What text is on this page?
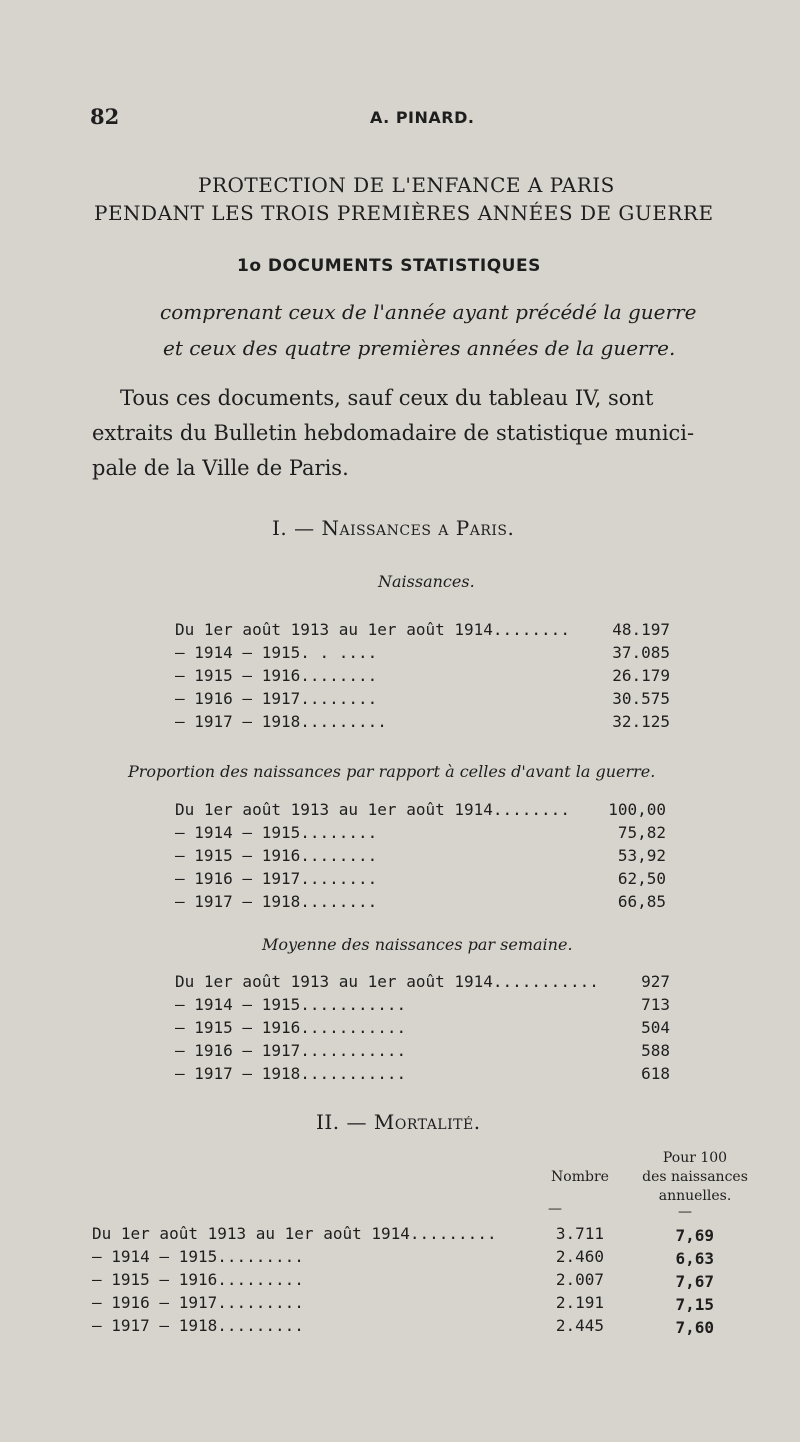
82	A. PINARD.
PROTECTION DE L'ENFANCE A PARIS
PENDANT LES TROIS PREMIÈRES ANNÉES DE GUERRE
1o DOCUMENTS STATISTIQUES
comprenant ceux de l'année ayant précédé la guerre
et ceux des quatre premières années de la guerre.
Tous ces documents, sauf ceux du tableau IV, sont
extraits du Bulletin hebdomadaire de statistique munici-
pale de la Ville de Paris.
I. — Naissances a Paris.
Naissances.
Du 1er août 1913 au 1er août 1914........	48.197
— 1914 — 1915. . ....	37.085
— 1915 — 1916........	26.179
— 1916 — 1917........	30.575
— 1917 — 1918.........	32.125
Proportion des naissances par rapport à celles d'avant la guerre.
Du 1er août 1913 au 1er août 1914........ 100,00
— 1914 — 1915........	75,82
— 1915 — 1916........	53,92
— 1916 — 1917........	62,50
— 1917 — 1918........	66,85
Moyenne des naissances par semaine.
Du 1er août 1913 au 1er août 1914...........	927
— 1914 — 1915...........	713
— 1915 — 1916...........	504
— 1916 — 1917...........	588
— 1917 — 1918...........	618
II. — Mortalité.
Nombre
Pour 100
des naissances
annuelles.
—	—
Du 1er août 1913 au 1er août 1914.........	3.711	7,69
— 1914 — 1915.........	2.460	6,63
— 1915 — 1916.........	2.007	7,67
— 1916 — 1917.........	2.191	7,15
— 1917 — 1918.........	2.445	7,60
